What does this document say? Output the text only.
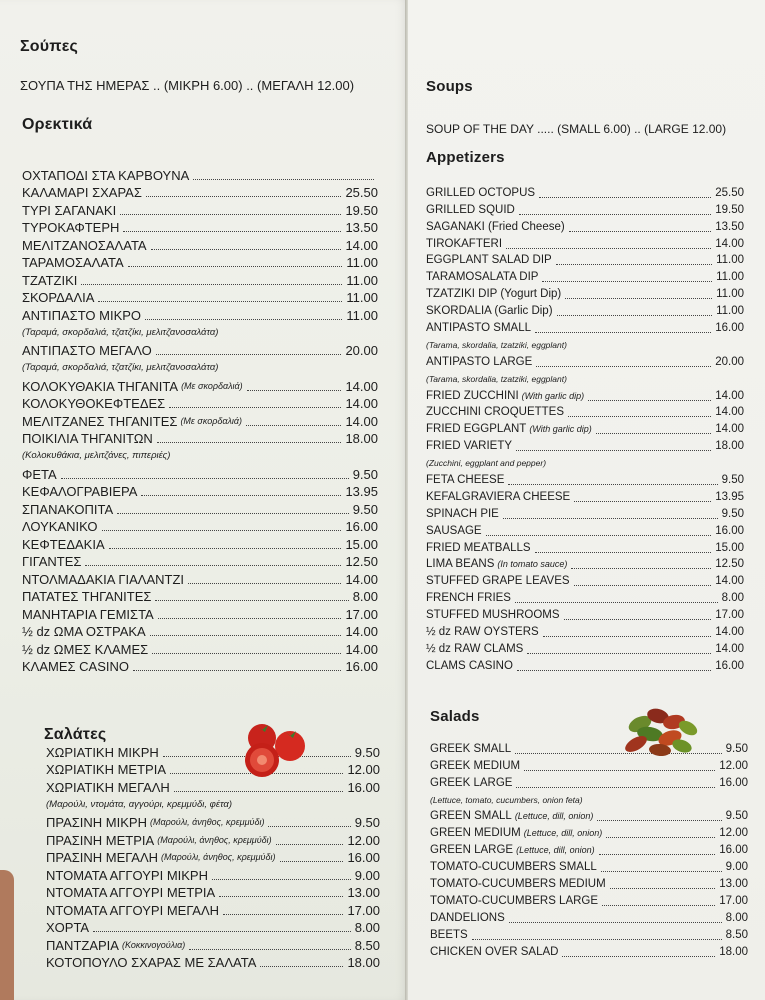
Σούπες
ΣΟΥΠΑ ΤΗΣ ΗΜΕΡΑΣ .. (ΜΙΚΡΗ 6.00) .. (ΜΕΓΑΛΗ 12.00)
Ορεκτικά
ΟΧΤΑΠΟΔΙ ΣΤΑ ΚΑΡΒΟΥΝΑ
ΚΑΛΑΜΑΡΙ ΣΧΑΡΑΣ	25.50
ΤΥΡΙ ΣΑΓΑΝΑΚΙ	19.50
ΤΥΡΟΚΑΦΤΕΡΗ	13.50
ΜΕΛΙΤΖΑΝΟΣΑΛΑΤΑ	14.00
ΤΑΡΑΜΟΣΑΛΑΤΑ	11.00
ΤΖΑΤΖΙΚΙ	11.00
ΣΚΟΡΔΑΛΙΑ	11.00
ΑΝΤΙΠΑΣΤΟ ΜΙΚΡΟ	11.00
(Ταραμά, σκορδαλιά, τζατζίκι, μελιτζανοσαλάτα)
ΑΝΤΙΠΑΣΤΟ ΜΕΓΑΛΟ	20.00
(Ταραμά, σκορδαλιά, τζατζίκι, μελιτζανοσαλάτα)
ΚΟΛΟΚΥΘΑΚΙΑ ΤΗΓΑΝΙΤΑ (Με σκορδαλιά)	14.00
ΚΟΛΟΚΥΘΟΚΕΦΤΕΔΕΣ	14.00
ΜΕΛΙΤΖΑΝΕΣ ΤΗΓΑΝΙΤΕΣ (Με σκορδαλιά)	14.00
ΠΟΙΚΙΛΙΑ ΤΗΓΑΝΙΤΩΝ	18.00
(Κολοκυθάκια, μελιτζάνες, πιπεριές)
ΦΕΤΑ	9.50
ΚΕΦΑΛΟΓΡΑΒΙΕΡΑ	13.95
ΣΠΑΝΑΚΟΠΙΤΑ	9.50
ΛΟΥΚΑΝΙΚΟ	16.00
ΚΕΦΤΕΔΑΚΙΑ	15.00
ΓΙΓΑΝΤΕΣ	12.50
ΝΤΟΛΜΑΔΑΚΙΑ ΓΙΑΛΑΝΤΖΙ	14.00
ΠΑΤΑΤΕΣ ΤΗΓΑΝΙΤΕΣ	8.00
ΜΑΝΗΤΑΡΙΑ ΓΕΜΙΣΤΑ	17.00
½ dz ΩΜΑ ΟΣΤΡΑΚΑ	14.00
½ dz ΩΜΕΣ ΚΛΑΜΕΣ	14.00
ΚΛΑΜΕΣ CASINO	16.00
Σαλάτες
ΧΩΡΙΑΤΙΚΗ ΜΙΚΡΗ	9.50
ΧΩΡΙΑΤΙΚΗ ΜΕΤΡΙΑ	12.00
ΧΩΡΙΑΤΙΚΗ ΜΕΓΑΛΗ	16.00
(Μαρούλι, ντομάτα, αγγούρι, κρεμμύδι, φέτα)
ΠΡΑΣΙΝΗ ΜΙΚΡΗ (Μαρούλι, άνηθος, κρεμμύδι)	9.50
ΠΡΑΣΙΝΗ ΜΕΤΡΙΑ (Μαρούλι, άνηθος, κρεμμύδι)	12.00
ΠΡΑΣΙΝΗ ΜΕΓΑΛΗ (Μαρούλι, άνηθος, κρεμμύδι)	16.00
ΝΤΟΜΑΤΑ ΑΓΓΟΥΡΙ ΜΙΚΡΗ	9.00
ΝΤΟΜΑΤΑ ΑΓΓΟΥΡΙ ΜΕΤΡΙΑ	13.00
ΝΤΟΜΑΤΑ ΑΓΓΟΥΡΙ ΜΕΓΑΛΗ	17.00
ΧΟΡΤΑ	8.00
ΠΑΝΤΖΑΡΙΑ (Κοκκινογούλια)	8.50
ΚΟΤΟΠΟΥΛΟ ΣΧΑΡΑΣ ΜΕ ΣΑΛΑΤΑ	18.00
Soups
SOUP OF THE DAY ..... (SMALL 6.00) .. (LARGE 12.00)
Appetizers
GRILLED OCTOPUS	25.50
GRILLED SQUID	19.50
SAGANAKI (Fried Cheese)	13.50
TIROKAFTERI	14.00
EGGPLANT SALAD DIP	11.00
TARAMOSALATA DIP	11.00
TZATZIKI DIP (Yogurt Dip)	11.00
SKORDALIA (Garlic Dip)	11.00
ANTIPASTO SMALL	16.00
(Tarama, skordalia, tzatziki, eggplant)
ANTIPASTO LARGE	20.00
(Tarama, skordalia, tzatziki, eggplant)
FRIED ZUCCHINI (With garlic dip)	14.00
ZUCCHINI CROQUETTES	14.00
FRIED EGGPLANT (With garlic dip)	14.00
FRIED VARIETY	18.00
(Zucchini, eggplant and pepper)
FETA CHEESE	9.50
KEFALGRAVIERA CHEESE	13.95
SPINACH PIE	9.50
SAUSAGE	16.00
FRIED MEATBALLS	15.00
LIMA BEANS (In tomato sauce)	12.50
STUFFED GRAPE LEAVES	14.00
FRENCH FRIES	8.00
STUFFED MUSHROOMS	17.00
½ dz RAW OYSTERS	14.00
½ dz RAW CLAMS	14.00
CLAMS CASINO	16.00
Salads
GREEK SMALL	9.50
GREEK MEDIUM	12.00
GREEK LARGE	16.00
(Lettuce, tomato, cucumbers, onion feta)
GREEN SMALL (Lettuce, dill, onion)	9.50
GREEN MEDIUM (Lettuce, dill, onion)	12.00
GREEN LARGE (Lettuce, dill, onion)	16.00
TOMATO-CUCUMBERS SMALL	9.00
TOMATO-CUCUMBERS MEDIUM	13.00
TOMATO-CUCUMBERS LARGE	17.00
DANDELIONS	8.00
BEETS	8.50
CHICKEN OVER SALAD	18.00
